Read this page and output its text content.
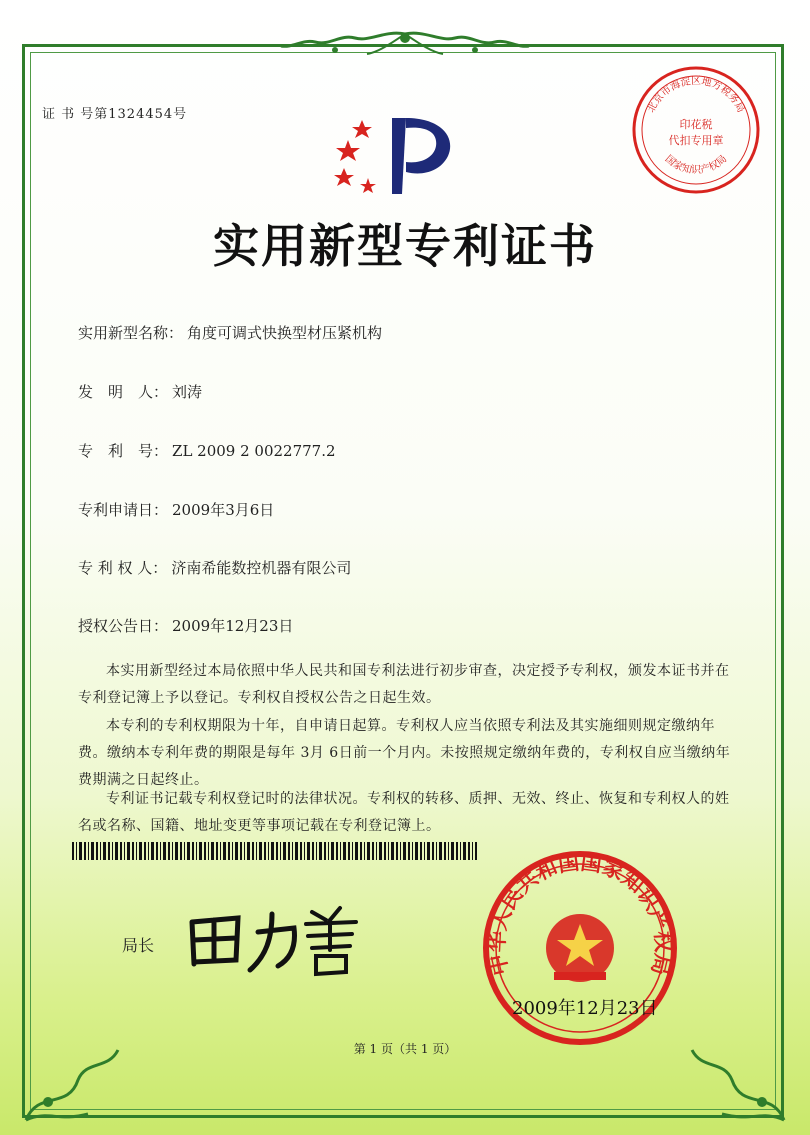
证 书 号第1324454号	北京市海淀区地方税务局
印花税
代扣专用章
国家知识产权局
实用新型专利证书
实用新型名称： 角度可调式快换型材压紧机构
发　明　人： 刘涛
专　利　号： ZL 2009 2 0022777.2
专利申请日： 2009年3月6日
专 利 权 人： 济南希能数控机器有限公司
授权公告日： 2009年12月23日

本实用新型经过本局依照中华人民共和国专利法进行初步审查，决定授予专利权，颁发本证书并在专利登记簿上予以登记。专利权自授权公告之日起生效。

本专利的专利权期限为十年，自申请日起算。专利权人应当依照专利法及其实施细则规定缴纳年费。缴纳本专利年费的期限是每年 3月 6日前一个月内。未按照规定缴纳年费的，专利权自应当缴纳年费期满之日起终止。

专利证书记载专利权登记时的法律状况。专利权的转移、质押、无效、终止、恢复和专利权人的姓名或名称、国籍、地址变更等事项记载在专利登记簿上。

局长
中华人民共和国国家知识产权局
2009年12月23日
第 1 页（共 1 页）
